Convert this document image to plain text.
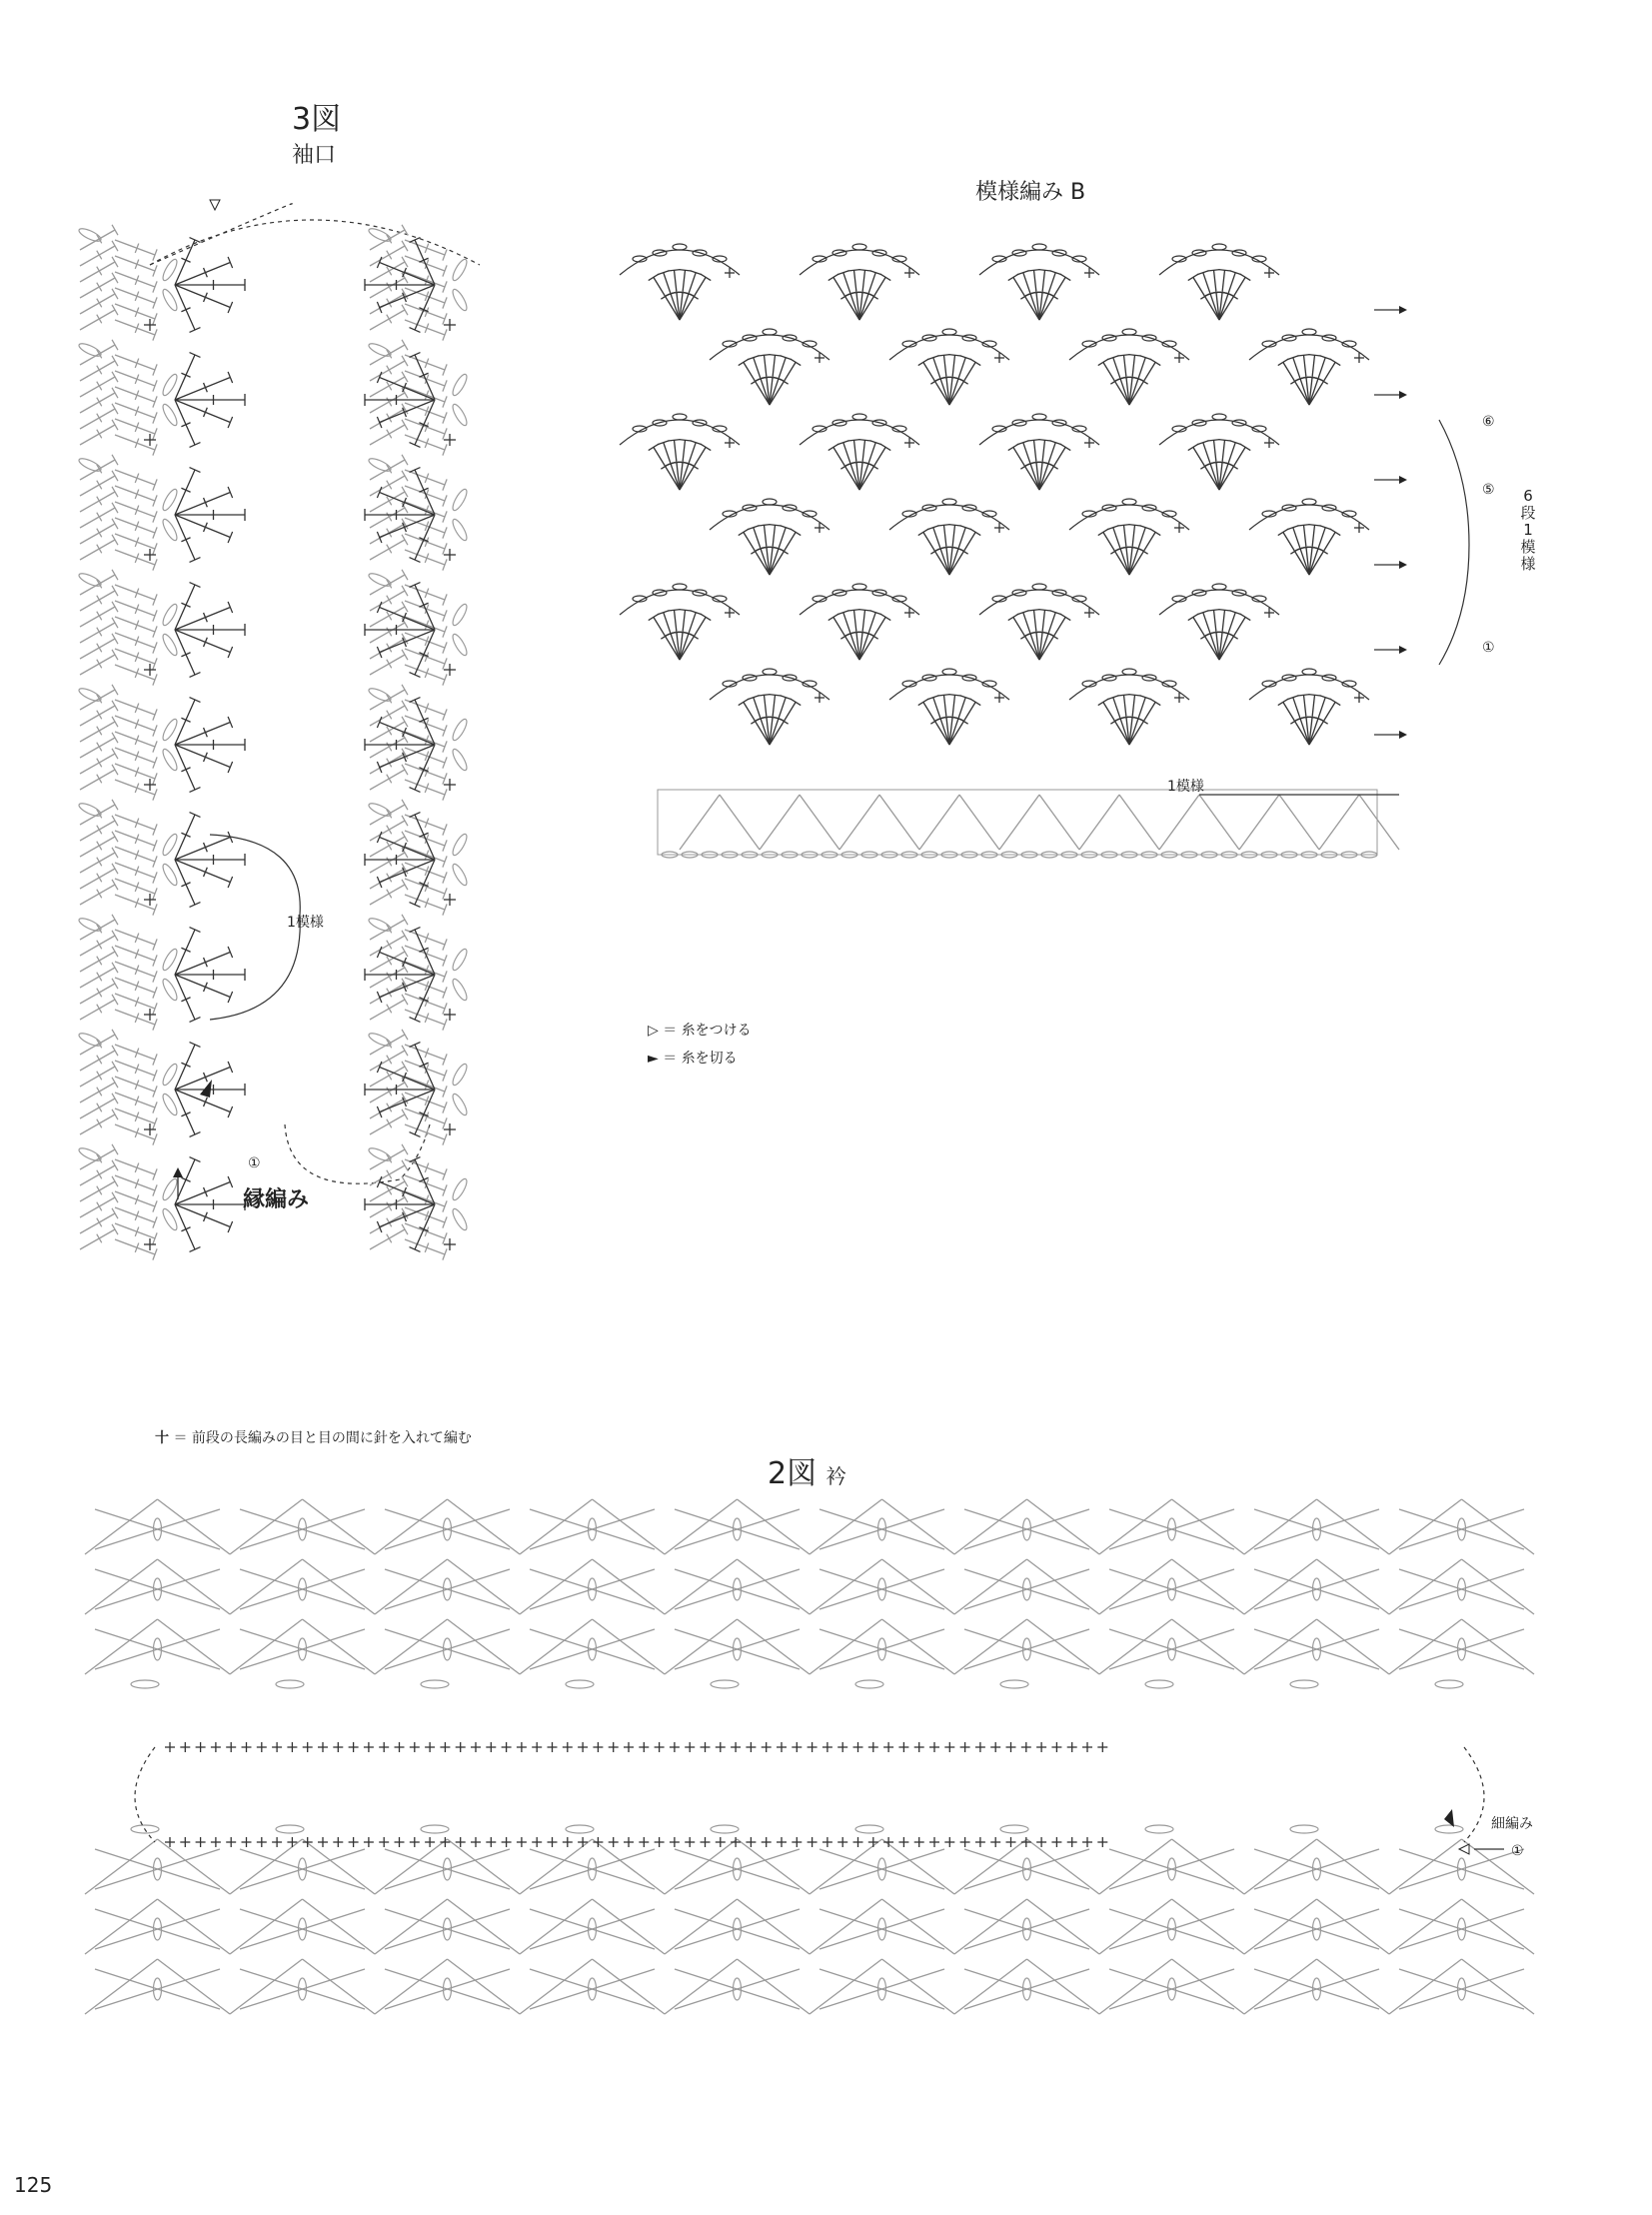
3図
袖口
1模様
①
縁編み
模様編み B
1模様
⑥
⑤
①
6段1模様
▷ ＝ 糸をつける
► ＝ 糸を切る
十 ＝ 前段の長編みの目と目の間に針を入れて編む
2図 衿
細編み
①
125
